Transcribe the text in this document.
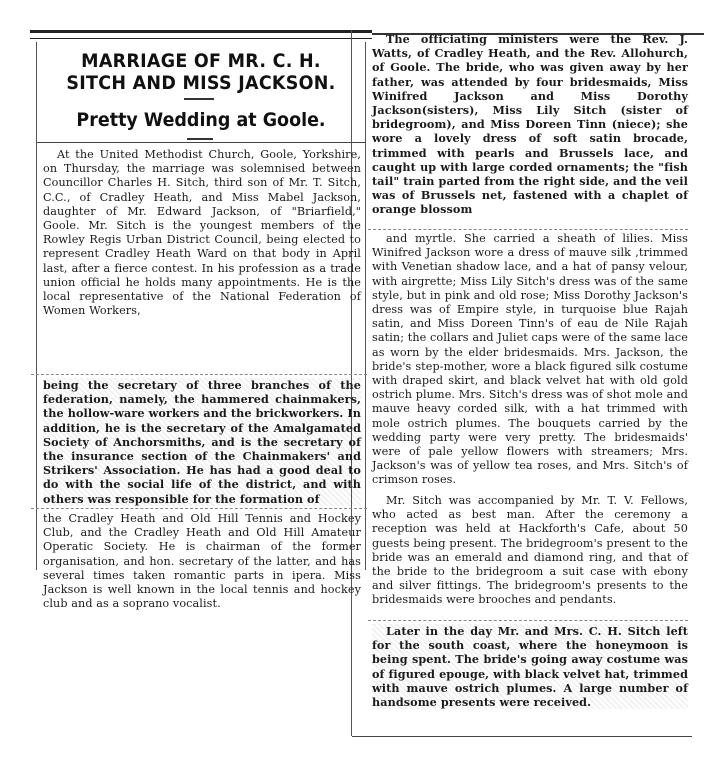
MARRIAGE OF MR. C. H. SITCH AND MISS JACKSON.
Pretty Wedding at Goole.
At the United Methodist Church, Goole, Yorkshire, on Thursday, the marriage was solemnised between Councillor Charles H. Sitch, third son of Mr. T. Sitch, C.C., of Cradley Heath, and Miss Mabel Jackson, daughter of Mr. Edward Jackson, of "Briarfield," Goole. Mr. Sitch is the youngest members of the Rowley Regis Urban District Council, being elected to represent Cradley Heath Ward on that body in April last, after a fierce contest. In his profession as a trade union official he holds many appointments. He is the local representative of the National Federation of Women Workers,
being the secretary of three branches of the federation, namely, the hammered chainmakers, the hollow-ware workers and the brickworkers. In addition, he is the secretary of the Amalgamated Society of Anchorsmiths, and is the secretary of the insurance section of the Chainmakers' and Strikers' Association. He has had a good deal to do with the social life of the district, and with others was responsible for the formation of
the Cradley Heath and Old Hill Tennis and Hockey Club, and the Cradley Heath and Old Hill Amateur Operatic Society. He is chairman of the former organisation, and hon. secretary of the latter, and has several times taken romantic parts in ipera. Miss Jackson is well known in the local tennis and hockey club and as a soprano vocalist.
The officiating ministers were the Rev. J. Watts, of Cradley Heath, and the Rev. Allohurch, of Goole. The bride, who was given away by her father, was attended by four bridesmaids, Miss Winifred Jackson and Miss Dorothy Jackson(sisters), Miss Lily Sitch (sister of bridegroom), and Miss Doreen Tinn (niece); she wore a lovely dress of soft satin brocade, trimmed with pearls and Brussels lace, and caught up with large corded ornaments; the "fish tail" train parted from the right side, and the veil was of Brussels net, fastened with a chaplet of orange blossom
and myrtle. She carried a sheath of lilies. Miss Winifred Jackson wore a dress of mauve silk ,trimmed with Venetian shadow lace, and a hat of pansy velour, with airgrette; Miss Lily Sitch's dress was of the same style, but in pink and old rose; Miss Dorothy Jackson's dress was of Empire style, in turquoise blue Rajah satin, and Miss Doreen Tinn's of eau de Nile Rajah satin; the collars and Juliet caps were of the same lace as worn by the elder bridesmaids. Mrs. Jackson, the bride's step-mother, wore a black figured silk costume with draped skirt, and black velvet hat with old gold ostrich plume. Mrs. Sitch's dress was of shot mole and mauve heavy corded silk, with a hat trimmed with mole ostrich plumes. The bouquets carried by the wedding party were very pretty. The bridesmaids' were of pale yellow flowers with streamers; Mrs. Jackson's was of yellow tea roses, and Mrs. Sitch's of crimson roses.
Mr. Sitch was accompanied by Mr. T. V. Fellows, who acted as best man. After the ceremony a reception was held at Hackforth's Cafe, about 50 guests being present. The bridegroom's present to the bride was an emerald and diamond ring, and that of the bride to the bridegroom a suit case with ebony and silver fittings. The bridegroom's presents to the bridesmaids were brooches and pendants.
Later in the day Mr. and Mrs. C. H. Sitch left for the south coast, where the honeymoon is being spent. The bride's going away costume was of figured epouge, with black velvet hat, trimmed with mauve ostrich plumes. A large number of handsome presents were received.
